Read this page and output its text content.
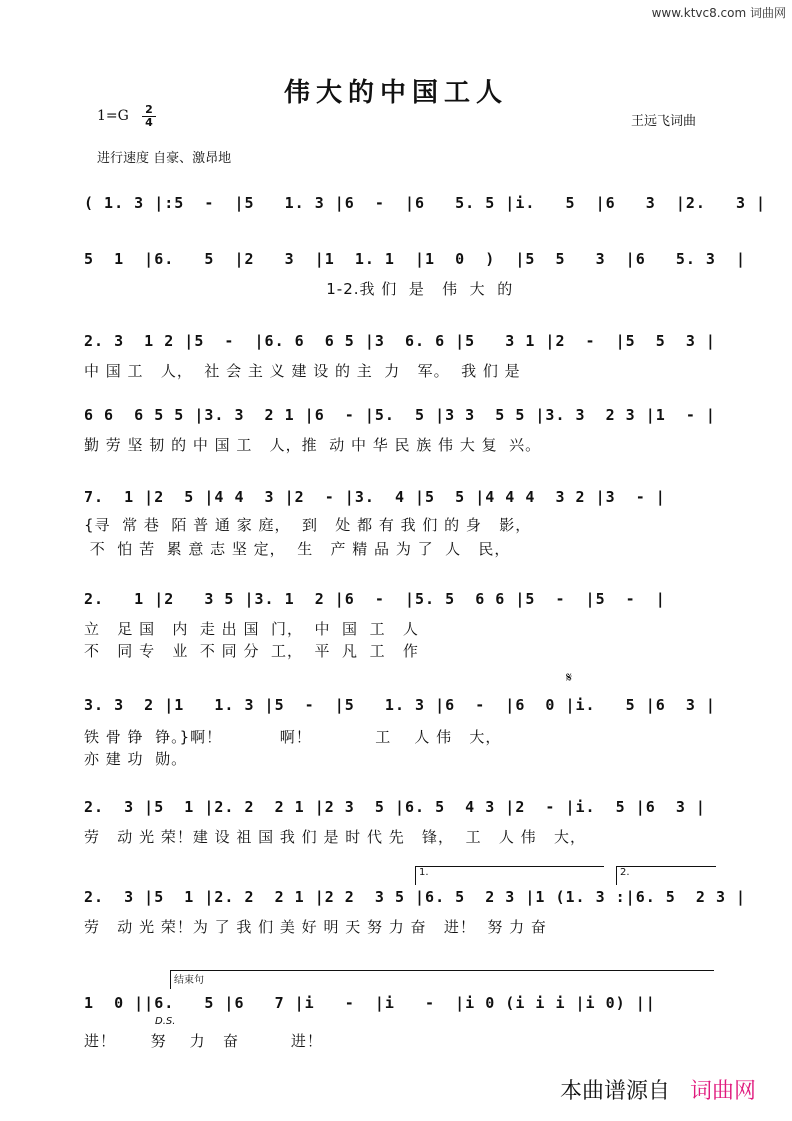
www.ktvc8.com 词曲网
伟大的中国工人
$1=G \frac{2}{4}$	王远飞词曲
进行速度 自豪、激昂地
( 1. 3 |:5  -  |5   1. 3 |6  -  |6   5. 5 |i.   5  |6   3  |2.   3 |
5  1  |6.   5  |2   3  |1  1. 1  |1  0  )  |5  5   3  |6   5. 3  |
1-2.我 们  是   伟  大  的
2. 3  1 2 |5  -  |6. 6  6 5 |3  6. 6 |5   3 1 |2  -  |5  5  3 |
中 国 工   人，  社 会 主 义 建 设 的 主  力   军。  我 们 是
6 6  6 5 5 |3. 3  2 1 |6  - |5.  5 |3 3  5 5 |3. 3  2 3 |1  - |
勤 劳 坚 韧 的 中 国 工   人，推  动 中 华 民 族 伟 大 复  兴。
7.  1 |2  5 |4 4  3 |2  - |3.  4 |5  5 |4 4 4  3 2 |3  - |
{寻  常 巷  陌 普 通 家 庭，  到   处 都 有 我 们 的 身   影，
不  怕 苦  累 意 志 坚 定，  生   产 精 品 为 了  人   民，
2.   1 |2   3 5 |3. 1  2 |6  -  |5. 5  6 6 |5  -  |5  -  |
立   足 国   内  走 出 国  门，  中  国  工   人
不   同 专   业  不 同 分  工，  平  凡  工   作
𝄋
3. 3  2 |1   1. 3 |5  -  |5   1. 3 |6  -  |6  0 |i.   5 |6  3 |
铁 骨 铮  铮。}啊！          啊！           工    人 伟   大，
亦 建 功  勋。
2.  3 |5  1 |2. 2  2 1 |2 3  5 |6. 5  4 3 |2  - |i.  5 |6  3 |
劳   动 光 荣！建 设 祖 国 我 们 是 时 代 先   锋，  工   人 伟   大，
1.	2.
2.  3 |5  1 |2. 2  2 1 |2 2  3 5 |6. 5  2 3 |1 (1. 3 :|6. 5  2 3 |
劳   动 光 荣！为 了 我 们 美 好 明 天 努 力 奋   进！  努 力 奋
结束句
1  0 ||6.   5 |6   7 |i   -  |i   -  |i 0 (i i i |i 0) ||
进！      努    力   奋         进！
D.S.
本曲谱源自 词曲网
